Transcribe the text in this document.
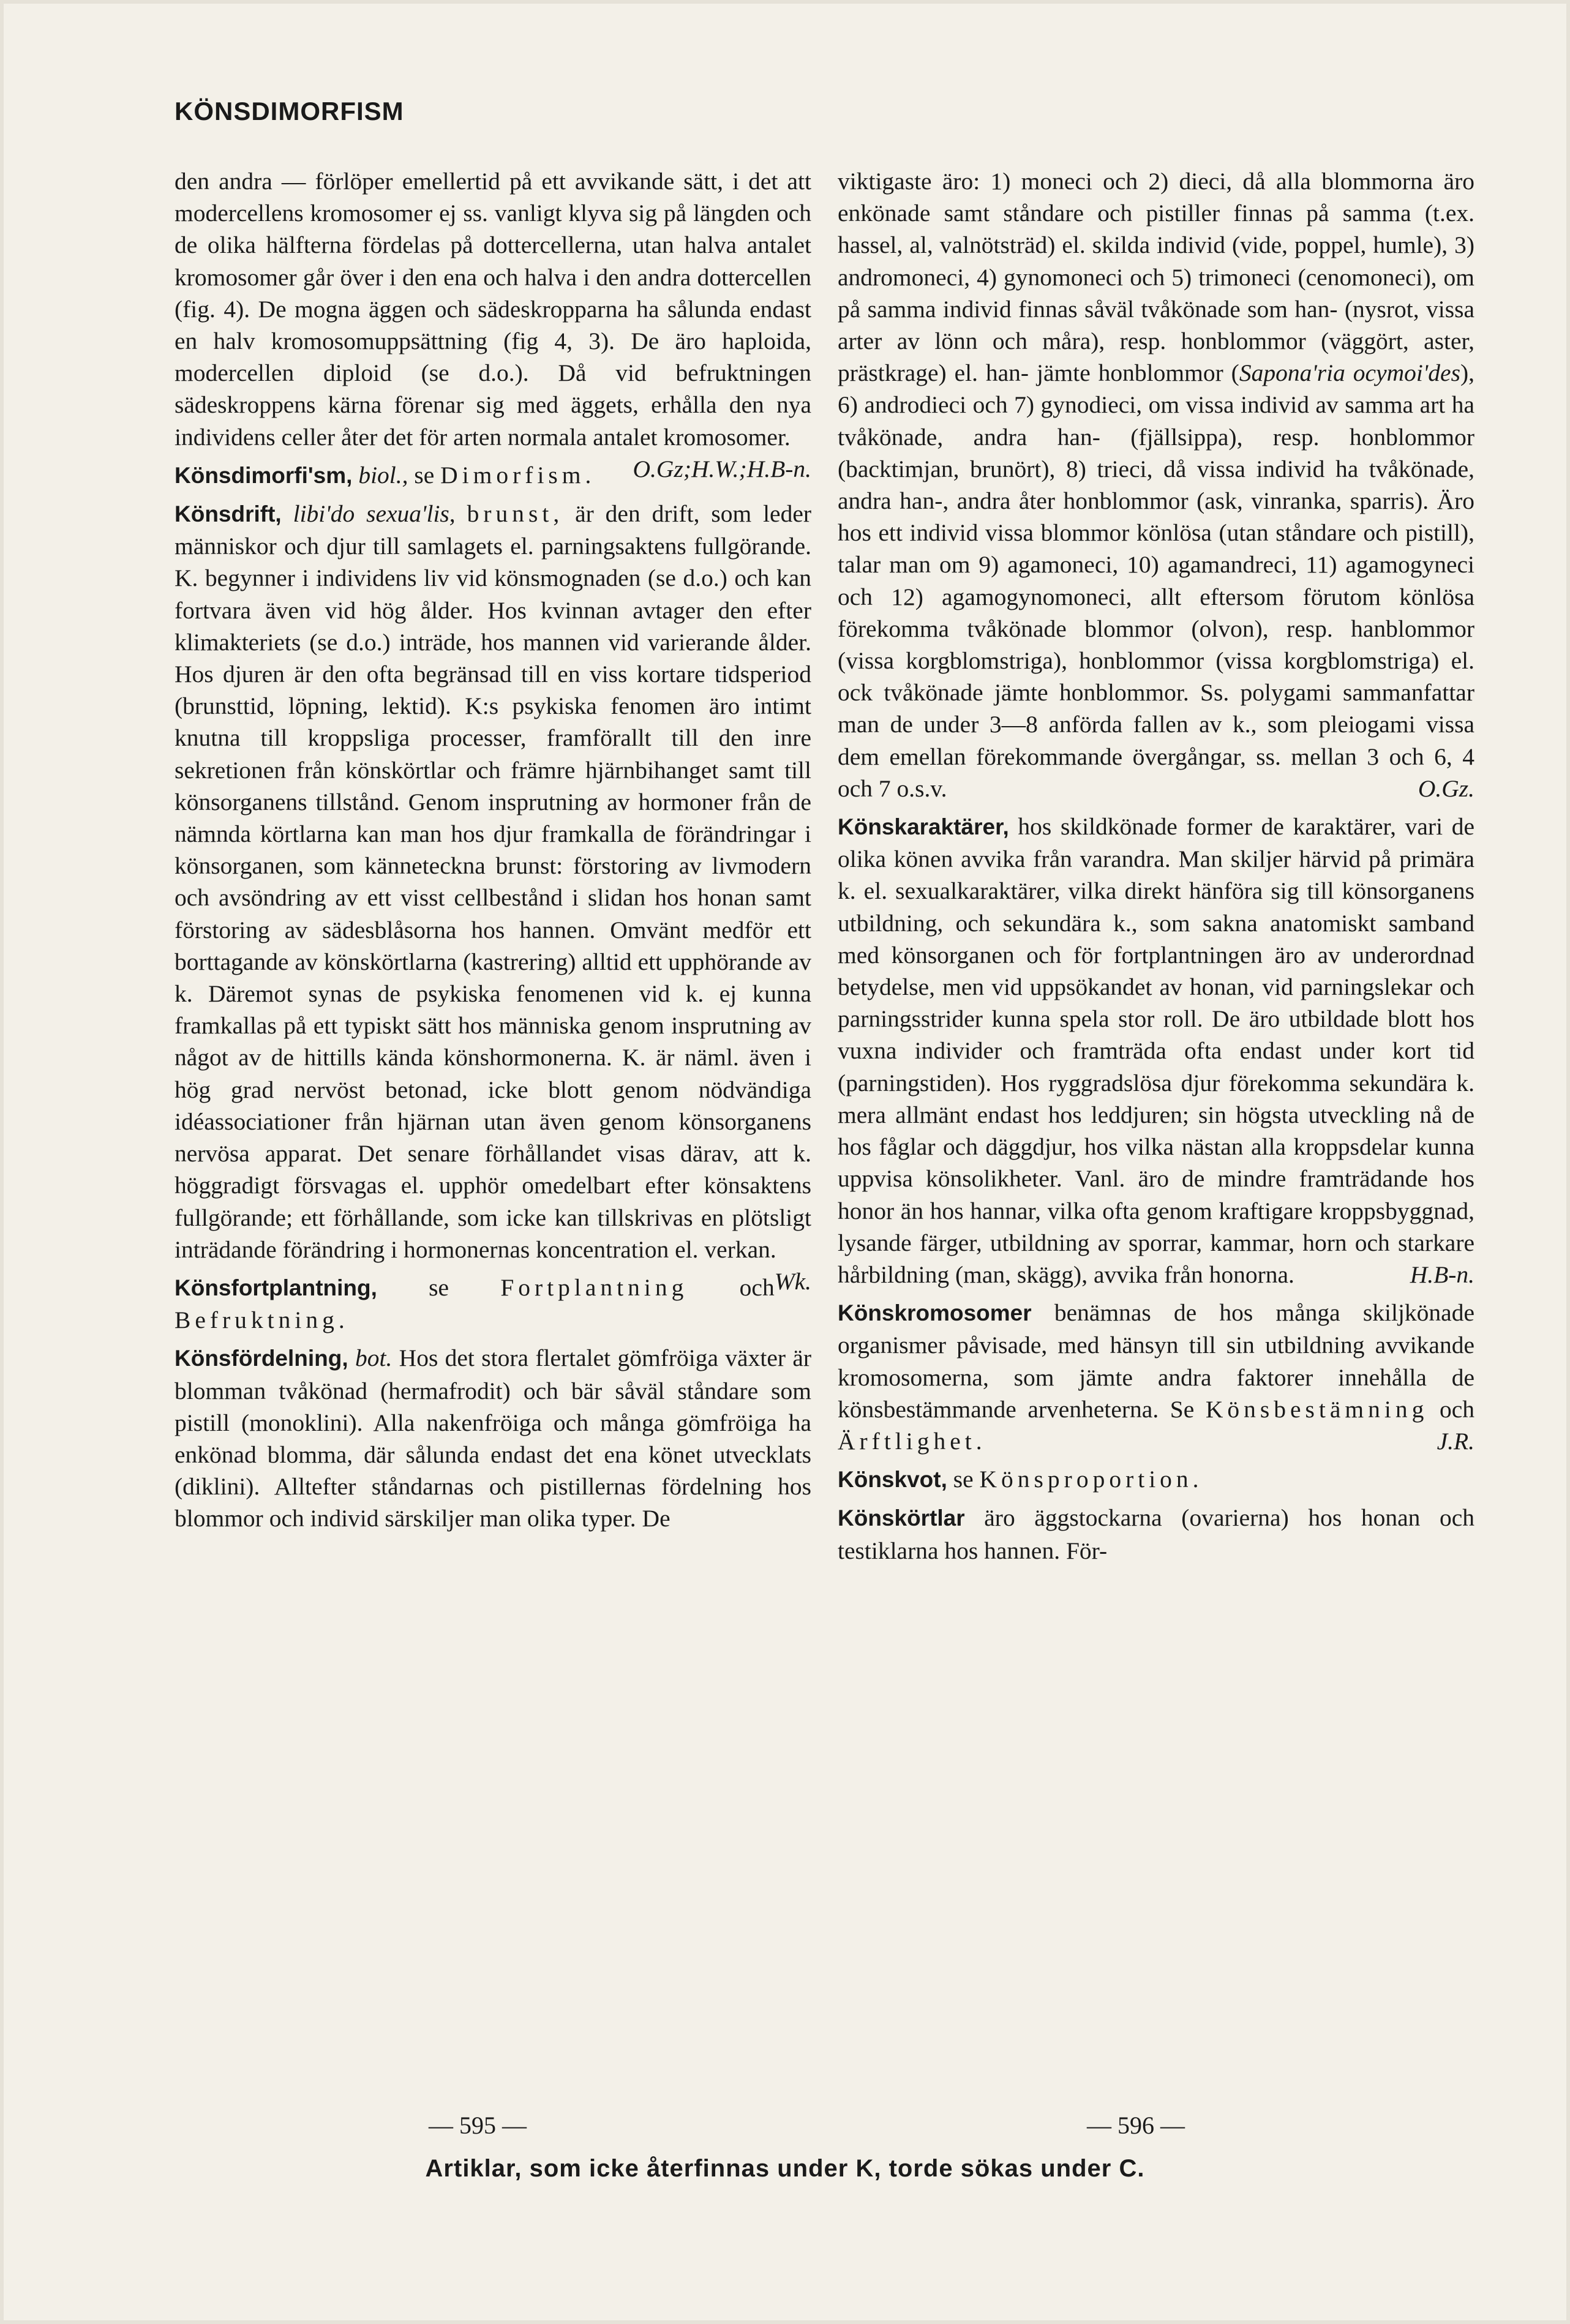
KÖNSDIMORFISM

den andra — förlöper emellertid på ett avvikande sätt, i det att modercellens kromosomer ej ss. vanligt klyva sig på längden och de olika hälfterna fördelas på dottercellerna, utan halva antalet kromosomer går över i den ena och halva i den andra dottercellen (fig. 4). De mogna äggen och sädeskropparna ha sålunda endast en halv kromosomuppsättning (fig 4, 3). De äro haploida, modercellen diploid (se d.o.). Då vid befruktningen sädeskroppens kärna förenar sig med äggets, erhålla den nya individens celler åter det för arten normala antalet kromosomer.
O.Gz;H.W.;H.B-n.

Könsdimorfi'sm, biol., se Dimorfism.

Könsdrift, libi'do sexua'lis, brunst, är den drift, som leder människor och djur till samlagets el. parningsaktens fullgörande. K. begynner i individens liv vid könsmognaden (se d.o.) och kan fortvara även vid hög ålder. Hos kvinnan avtager den efter klimakteriets (se d.o.) inträde, hos mannen vid varierande ålder. Hos djuren är den ofta begränsad till en viss kortare tidsperiod (brunsttid, löpning, lektid). K:s psykiska fenomen äro intimt knutna till kroppsliga processer, framförallt till den inre sekretionen från könskörtlar och främre hjärnbihanget samt till könsorganens tillstånd. Genom insprutning av hormoner från de nämnda körtlarna kan man hos djur framkalla de förändringar i könsorganen, som känneteckna brunst: förstoring av livmodern och avsöndring av ett visst cellbestånd i slidan hos honan samt förstoring av sädesblåsorna hos hannen. Omvänt medför ett borttagande av könskörtlarna (kastrering) alltid ett upphörande av k. Däremot synas de psykiska fenomenen vid k. ej kunna framkallas på ett typiskt sätt hos människa genom insprutning av något av de hittills kända könshormonerna. K. är näml. även i hög grad nervöst betonad, icke blott genom nödvändiga idéassociationer från hjärnan utan även genom könsorganens nervösa apparat. Det senare förhållandet visas därav, att k. höggradigt försvagas el. upphör omedelbart efter könsaktens fullgörande; ett förhållande, som icke kan tillskrivas en plötsligt inträdande förändring i hormonernas koncentration el. verkan.
Wk.

Könsfortplantning, se Fortplantning och Befruktning.

Könsfördelning, bot. Hos det stora flertalet gömfröiga växter är blomman tvåkönad (hermafrodit) och bär såväl ståndare som pistill (monoklini). Alla nakenfröiga och många gömfröiga ha enkönad blomma, där sålunda endast det ena könet utvecklats (diklini). Alltefter ståndarnas och pistillernas fördelning hos blommor och individ särskiljer man olika typer. De

viktigaste äro: 1) moneci och 2) dieci, då alla blommorna äro enkönade samt ståndare och pistiller finnas på samma (t.ex. hassel, al, valnötsträd) el. skilda individ (vide, poppel, humle), 3) andromoneci, 4) gynomoneci och 5) trimoneci (cenomoneci), om på samma individ finnas såväl tvåkönade som han- (nysrot, vissa arter av lönn och måra), resp. honblommor (väggört, aster, prästkrage) el. han- jämte honblommor (Sapona'ria ocymoi'des), 6) androdieci och 7) gynodieci, om vissa individ av samma art ha tvåkönade, andra han- (fjällsippa), resp. honblommor (backtimjan, brunört), 8) trieci, då vissa individ ha tvåkönade, andra han-, andra åter honblommor (ask, vinranka, sparris). Äro hos ett individ vissa blommor könlösa (utan ståndare och pistill), talar man om 9) agamoneci, 10) agamandreci, 11) agamogyneci och 12) agamogynomoneci, allt eftersom förutom könlösa förekomma tvåkönade blommor (olvon), resp. hanblommor (vissa korgblomstriga), honblommor (vissa korgblomstriga) el. ock tvåkönade jämte honblommor. Ss. polygami sammanfattar man de under 3—8 anförda fallen av k., som pleiogami vissa dem emellan förekommande övergångar, ss. mellan 3 och 6, 4 och 7 o.s.v.	O.Gz.

Könskaraktärer, hos skildkönade former de karaktärer, vari de olika könen avvika från varandra. Man skiljer härvid på primära k. el. sexualkaraktärer, vilka direkt hänföra sig till könsorganens utbildning, och sekundära k., som sakna anatomiskt samband med könsorganen och för fortplantningen äro av underordnad betydelse, men vid uppsökandet av honan, vid parningslekar och parningsstrider kunna spela stor roll. De äro utbildade blott hos vuxna individer och framträda ofta endast under kort tid (parningstiden). Hos ryggradslösa djur förekomma sekundära k. mera allmänt endast hos leddjuren; sin högsta utveckling nå de hos fåglar och däggdjur, hos vilka nästan alla kroppsdelar kunna uppvisa könsolikheter. Vanl. äro de mindre framträdande hos honor än hos hannar, vilka ofta genom kraftigare kroppsbyggnad, lysande färger, utbildning av sporrar, kammar, horn och starkare hårbildning (man, skägg), avvika från honorna.	H.B-n.

Könskromosomer benämnas de hos många skiljkönade organismer påvisade, med hänsyn till sin utbildning avvikande kromosomerna, som jämte andra faktorer innehålla de könsbestämmande arvenheterna. Se Könsbestämning och Ärftlighet.	J.R.

Könskvot, se Könsproportion.

Könskörtlar äro äggstockarna (ovarierna) hos honan och testiklarna hos hannen. För-

— 595 —	— 596 —
Artiklar, som icke återfinnas under K, torde sökas under C.
